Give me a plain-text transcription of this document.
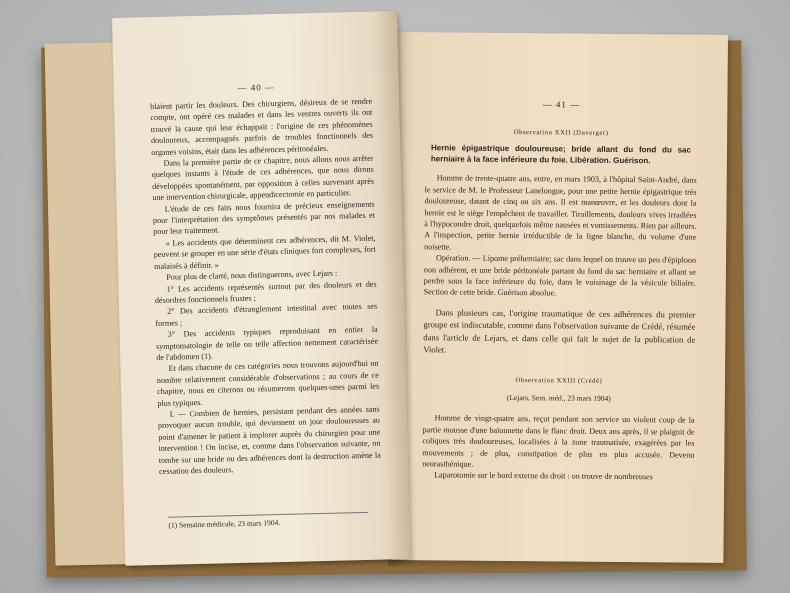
— 41 —
Observation XXII (Duverger)
Hernie épigastrique douloureuse; bride allant du fond du sac herniaire à la face inférieure du foie. Libération. Guérison.

Homme de trente-quatre ans, entre, en mars 1903, à l'hôpital Saint-André, dans le service de M. le Professeur Lanelongue, pour une petite hernie épigastrique très douloureuse, datant de cinq ou six ans. Il est manœuvre, et les douleurs dont la hernie est le siège l'empêchent de travailler. Tiraillements, douleurs vives irradiées à l'hypocondre droit, quelquefois même nausées et vomissements. Rien par ailleurs. A l'inspection, petite hernie irréductible de la ligne blanche, du volume d'une noisette.

Opération. — Lipome préherniaire; sac dans lequel on trouve un peu d'épiploon non adhérent, et une bride péritonéale partant du fond du sac herniaire et allant se perdre sous la face inférieure du foie, dans le voisinage de la vésicule biliaire. Section de cette bride. Guérison absolue.

Dans plusieurs cas, l'origine traumatique de ces adhérences du premier groupe est indiscutable, comme dans l'observation suivante de Crédé, résumée dans l'article de Lejars, et dans celle qui fait le sujet de la publication de Violet.

Observation XXIII (Crédé)
(Lejars, Sem. méd., 23 mars 1904)

Homme de vingt-quatre ans, reçut pendant son service un violent coup de la partie mousse d'une baïonnette dans le flanc droit. Deux ans après, il se plaignit de coliques très douloureuses, localisées à la zone traumatisée, exagérées par les mouvements ; de plus, constipation de plus en plus accusée. Devenu neurasthénique.

Laparotomie sur le bord externe du droit : on trouve de nombreuses

— 40 —

blaient partir les douleurs. Des chirurgiens, désireux de se rendre compte, ont opéré ces malades et dans les ventres ouverts ils ont trouvé la cause qui leur échappait : l'origine de ces phénomènes douloureux, accompagnés parfois de troubles fonctionnels des organes voisins, était dans les adhérences péritonéales.

Dans la première partie de ce chapitre, nous allons nous arrêter quelques instants à l'étude de ces adhérences, que nous dirons développées spontanément, par opposition à celles survenant après une intervention chirurgicale, appendicectomie en particulier.

L'étude de ces faits nous fournira de précieux enseignements pour l'interprétation des symptômes présentés par nos malades et pour leur traitement.

« Les accidents que déterminent ces adhérences, dit M. Violet, peuvent se grouper en une série d'états cliniques fort complexes, fort malaisés à définir. »

Pour plus de clarté, nous distinguerons, avec Lejars :

1° Les accidents représentés surtout par des douleurs et des désordres fonctionnels frustes ;

2° Des accidents d'étranglement intestinal avec toutes ses formes ;

3° Des accidents typiques reproduisant en entier la symptomatologie de telle ou telle affection nettement caractérisée de l'abdomen (1).

Et dans chacune de ces catégories nous trouvons aujourd'hui un nombre relativement considérable d'observations ; au cours de ce chapitre, nous en citerons ou résumerons quelques-unes parmi les plus typiques.

I. — Combien de hernies, persistant pendant des années sans provoquer aucun trouble, qui deviennent un jour douloureuses au point d'amener le patient à implorer auprès du chirurgien pour une intervention ! On incise, et, comme dans l'observation suivante, on tombe sur une bride ou des adhérences dont la destruction amène la cessation des douleurs.

(1) Semaine médicale, 23 mars 1904.
